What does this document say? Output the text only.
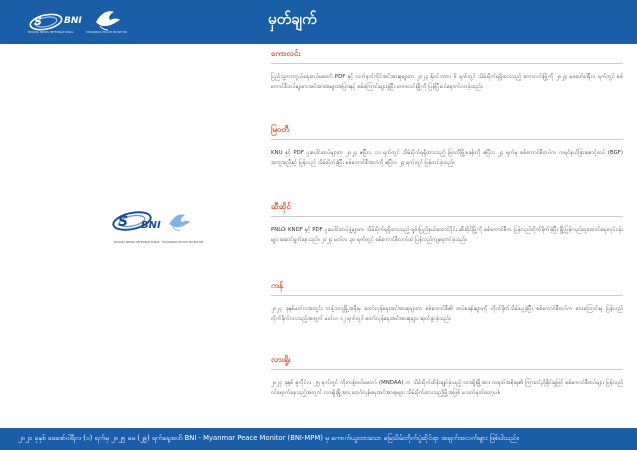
S BNI
BURMA NEWS INTERNATIONAL	MYANMAR PEACE MONITOR
မှတ်ချက်
S BNI
BURMA NEWS INTERNATIONAL MYANMAR PEACE MONITOR
ကောလင်း
ပြည်သူ့ကာကွယ်ရေးတပ်မတော် PDF နှင့် လက်နက်ကိုင်အင်အားစုများက ၂၀၂၃ နိုဝင်ဘာလ ၆ ရက်တွင် သိမ်းပိုက်ရရှိထားသည့် ကောလင်းမြို့ကို ၂၀၂၄ ဖေဖော်ဝါရီလ ရက်တွင် စစ်ကောင်စီတပ်များကအင်အားအများအပြားနှင့် စစ်ကြောင်းများခွဲပြီး ကောလင်းမြို့ကို ပြန်ပြီးဝင်ရောက်လာခဲ့သည်။
မြဝတီ
KNU နှင့် PDF ပူးပေါင်းတပ်များက ၂၀၂၄ ဧပြီလ ၁၁ ရက်တွင် သိမ်းပိုက်ရရှိထားသည့် မြဝတီမြို့စခန်းကို ဧပြီလ ၂၄ ရက်မှ စစ်ကောင်စီတပ်က ကရင်နယ်ခြားစောင့်တပ် (BGF) အကူအညီနှင့် ပြန်လည် သိမ်းပိုက်ခဲ့ပြီး စစ်ကောင်စီအလံကို ဧပြီလ ၂၄ ရက်တွင် ပြန်တင်ခဲ့သည်။
ဆီဆိုင်
PNLO၊ KNDF နှင့် PDF ပူးပေါင်းတပ်ဖွဲ့များက သိမ်းပိုက်ရရှိထားသည့် ရှမ်းပြည်နယ်တောင်ပိုင်း ဆီဆိုင်မြို့ကို စစ်ကောင်စီက ပြန်လည်တိုက်ခိုက်ခဲ့ပြီး မြို့ပြန်လည်ထူထောင်ရေးလုပ်ငန်းများ ဆောင်ရွက်နေသည်။ ၂၀၂၄ မတ်လ ၃၀ ရက်တွင် စစ်ကောင်စီလက်ထဲ ပြန်လည်ကျရောက်ခဲ့သည်။
ကန်
၂၀၂၄ ခုနှစ်မတ်လအတွင်း ကန့်ဘလူမြို့အနီးမှ တော်လှန်ရေးအင်အားစုများက စစ်ကောင်စီ၏ တပ်စခန်းများကို တိုက်ခိုက်သိမ်းယူခဲ့ပြီး စစ်ကောင်စီတပ်က လေကြောင်းမှ ပြန်လည်တိုက်ခိုက်လာသည့်အတွက် မတ်လ ၁၂ ရက်တွင် တော်လှန်ရေးအင်အားစုများ ဆုတ်ခွာခဲ့သည်။
လားရှိုး
၂၀၂၄ ခုနှစ် ဇူလိုင်လ ၂၅ ရက်တွင် ကိုးကန့်တပ်မတော် (MNDAA) က သိမ်းပိုက်ထိန်းချုပ်ခဲ့သည့် လားရှိုးမြို့အား တရုတ်အစိုးရ၏ ကြားဝင်ညှိနှိုင်းမှုဖြင့် စစ်ကောင်စီတပ်များ ပြန်လည်ဝင်ရောက်နေသည့်အတွက် လားရှိုးမြို့အား တော်လှန်ရေးအင်အားစုများ သိမ်းပိုက်ထားသည့်မြို့အဖြစ် မသတ်မှတ်တော့ပါ။
၂၀၂၁ ခုနှစ် ဖေဖော်ဝါရီလ (၁) ရက်မှ ၂၀၂၅ မေ (၂၉) ရက်နေ့အထိ BNI - Myanmar Peace Monitor (BNI-MPM) မှ ကောက်ယူထားသော မြေသိမ်းတိုက်ပွဲဆိုင်ရာ အချက်အလက်များ ဖြစ်ပါသည်။
